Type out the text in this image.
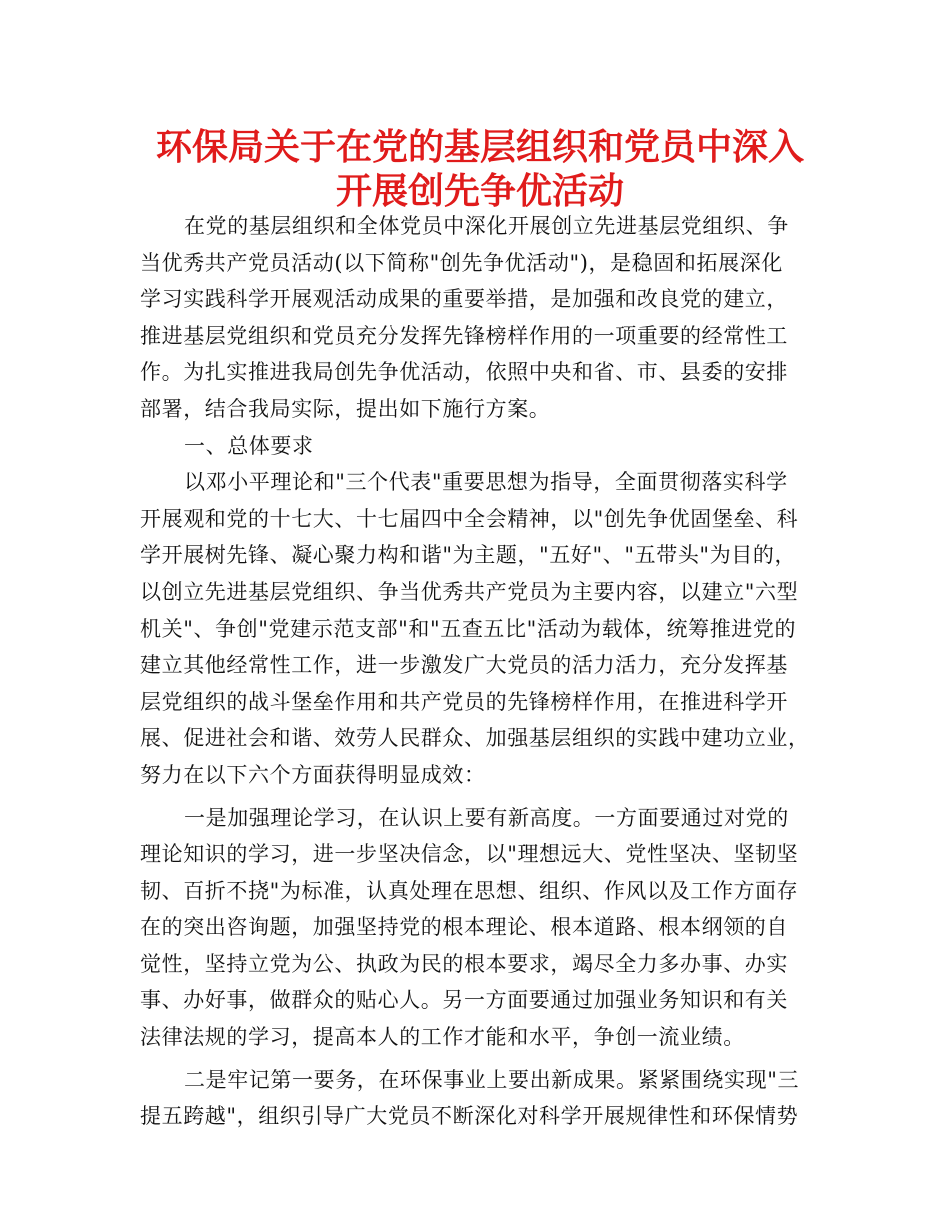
环保局关于在党的基层组织和党员中深入
开展创先争优活动
在党的基层组织和全体党员中深化开展创立先进基层党组织、争
当优秀共产党员活动(以下简称"创先争优活动")，是稳固和拓展深化
学习实践科学开展观活动成果的重要举措，是加强和改良党的建立，
推进基层党组织和党员充分发挥先锋榜样作用的一项重要的经常性工
作。为扎实推进我局创先争优活动，依照中央和省、市、县委的安排
部署，结合我局实际，提出如下施行方案。
一、总体要求
以邓小平理论和"三个代表"重要思想为指导，全面贯彻落实科学
开展观和党的十七大、十七届四中全会精神，以"创先争优固堡垒、科
学开展树先锋、凝心聚力构和谐"为主题，"五好"、"五带头"为目的，
以创立先进基层党组织、争当优秀共产党员为主要内容，以建立"六型
机关"、争创"党建示范支部"和"五查五比"活动为载体，统筹推进党的
建立其他经常性工作，进一步激发广大党员的活力活力，充分发挥基
层党组织的战斗堡垒作用和共产党员的先锋榜样作用，在推进科学开
展、促进社会和谐、效劳人民群众、加强基层组织的实践中建功立业，
努力在以下六个方面获得明显成效：
一是加强理论学习，在认识上要有新高度。一方面要通过对党的
理论知识的学习，进一步坚决信念，以"理想远大、党性坚决、坚韧坚
韧、百折不挠"为标准，认真处理在思想、组织、作风以及工作方面存
在的突出咨询题，加强坚持党的根本理论、根本道路、根本纲领的自
觉性，坚持立党为公、执政为民的根本要求，竭尽全力多办事、办实
事、办好事，做群众的贴心人。另一方面要通过加强业务知识和有关
法律法规的学习，提高本人的工作才能和水平，争创一流业绩。
二是牢记第一要务，在环保事业上要出新成果。紧紧围绕实现"三
提五跨越"，组织引导广大党员不断深化对科学开展规律性和环保情势
